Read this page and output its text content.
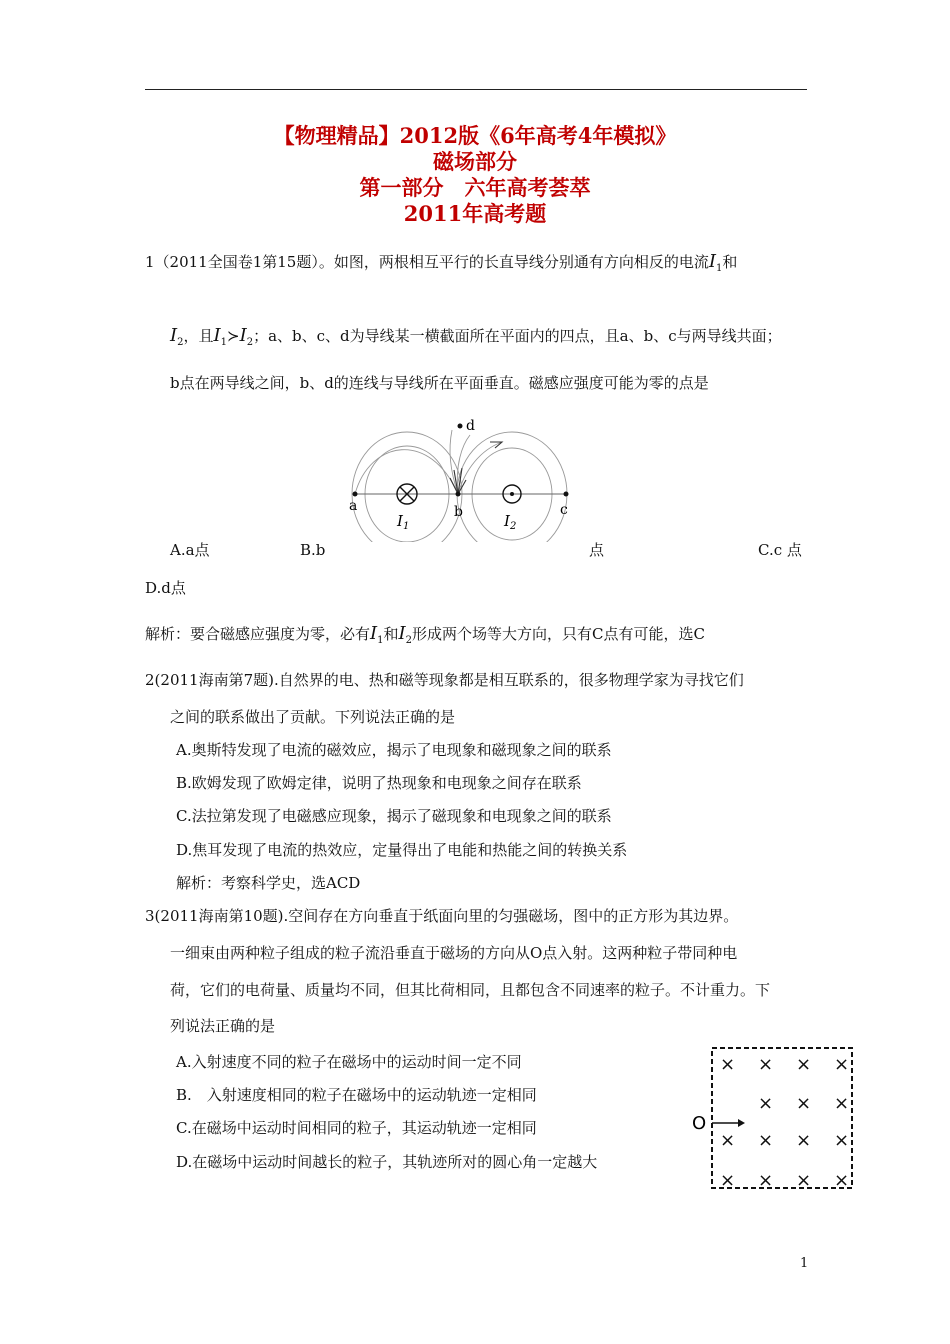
【物理精品】2012版《6年高考4年模拟》
磁场部分
第一部分　六年高考荟萃
2011年高考题
1（2011全国卷1第15题）。如图，两根相互平行的长直导线分别通有方向相反的电流$I_1$和
$I_2$，且$I_1≻I_2$；a、b、c、d为导线某一横截面所在平面内的四点，且a、b、c与两导线共面；
b点在两导线之间，b、d的连线与导线所在平面垂直。磁感应强度可能为零的点是
d
a
$I_1$
b	$I_2$
c
A.a点	B.b	点	C.c 点
D.d点
解析：要合磁感应强度为零，必有$I_1$和$I_2$形成两个场等大方向，只有C点有可能，选C
2(2011海南第7题).自然界的电、热和磁等现象都是相互联系的，很多物理学家为寻找它们
之间的联系做出了贡献。下列说法正确的是
A.奥斯特发现了电流的磁效应，揭示了电现象和磁现象之间的联系
B.欧姆发现了欧姆定律，说明了热现象和电现象之间存在联系
C.法拉第发现了电磁感应现象，揭示了磁现象和电现象之间的联系
D.焦耳发现了电流的热效应，定量得出了电能和热能之间的转换关系
解析：考察科学史，选ACD
3(2011海南第10题).空间存在方向垂直于纸面向里的匀强磁场，图中的正方形为其边界。
一细束由两种粒子组成的粒子流沿垂直于磁场的方向从O点入射。这两种粒子带同种电
荷，它们的电荷量、质量均不同，但其比荷相同，且都包含不同速率的粒子。不计重力。下
列说法正确的是
A.入射速度不同的粒子在磁场中的运动时间一定不同
B.　入射速度相同的粒子在磁场中的运动轨迹一定相同
C.在磁场中运动时间相同的粒子，其运动轨迹一定相同
D.在磁场中运动时间越长的粒子，其轨迹所对的圆心角一定越大
O
× × × ×
× × ×
× × × ×
× × × ×
1
